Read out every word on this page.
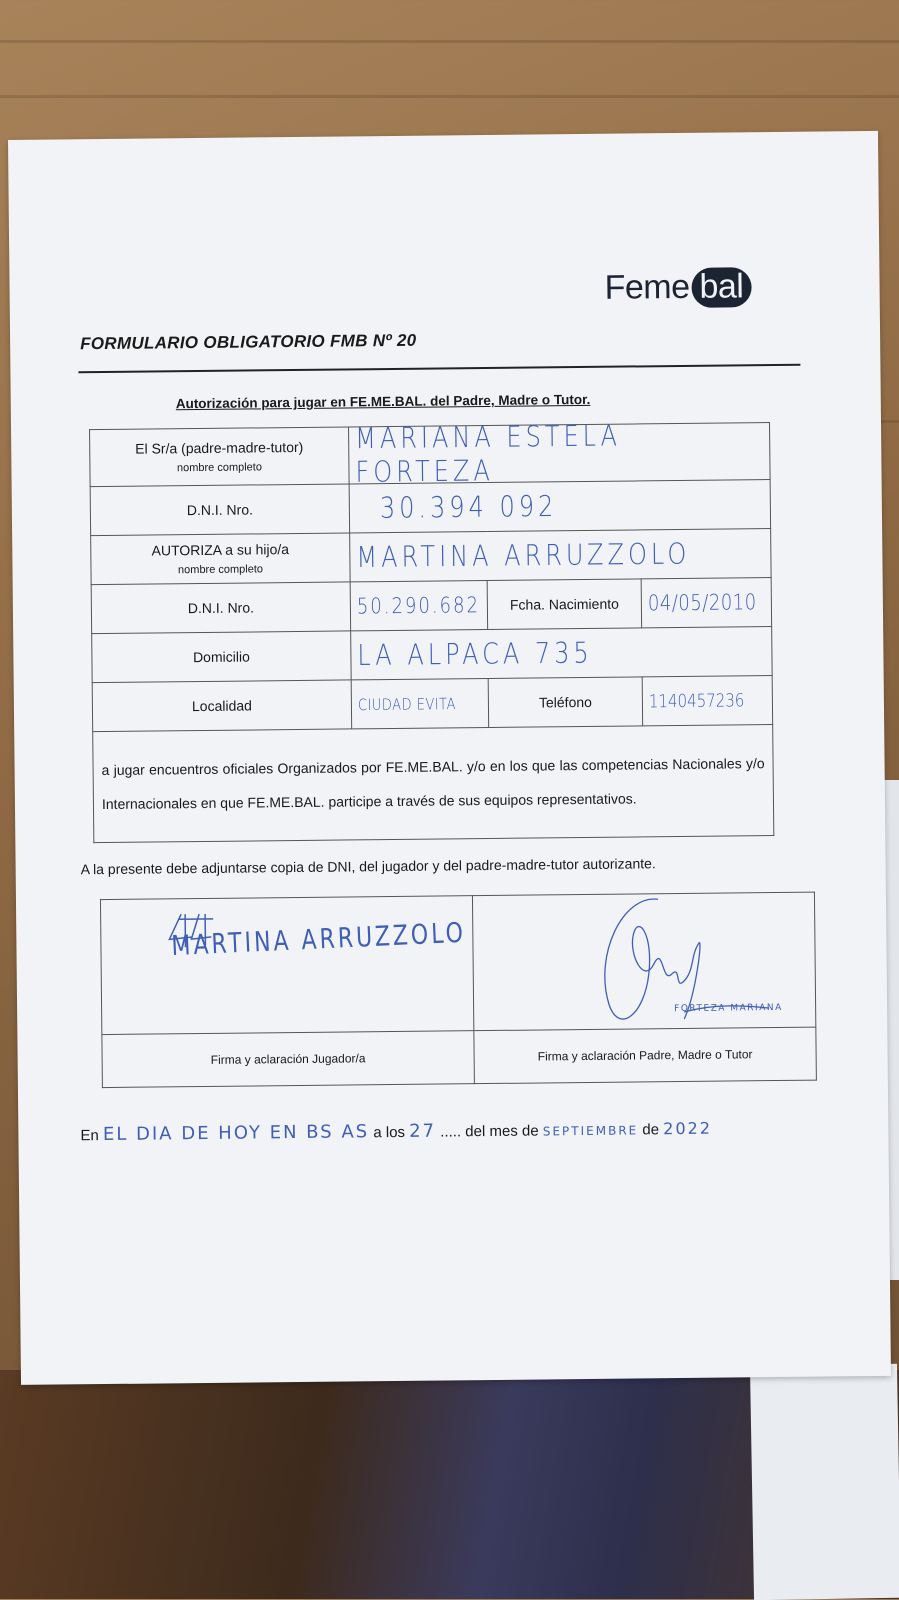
Feme bal
FORMULARIO OBLIGATORIO FMB Nº 20
Autorización para jugar en FE.ME.BAL. del Padre, Madre o Tutor.
El Sr/a (padre-madre-tutor)
nombre completo	MARIANA ESTELA FORTEZA		
D.N.I. Nro.	30.394 092		
AUTORIZA a su hijo/a
nombre completo	MARTINA ARRUZZOLO		
D.N.I. Nro.	50.290.682	Fcha. Nacimiento	04/05/2010
Domicilio	LA ALPACA 735		
Localidad	CIUDAD EVITA	Teléfono	1140457236
a jugar encuentros oficiales Organizados por FE.ME.BAL. y/o en los que las competencias Nacionales y/o Internacionales en que FE.ME.BAL. participe a través de sus equipos representativos.			
A la presente debe adjuntarse copia de DNI, del jugador y del padre-madre-tutor autorizante.
MARTINA ARRUZZOLO	FORTEZA MARIANA

Firma y aclaración Jugador/a	Firma y aclaración Padre, Madre o Tutor
En EL DIA DE HOY EN BS AS a los 27 ..... del mes de SEPTIEMBRE de 2022
